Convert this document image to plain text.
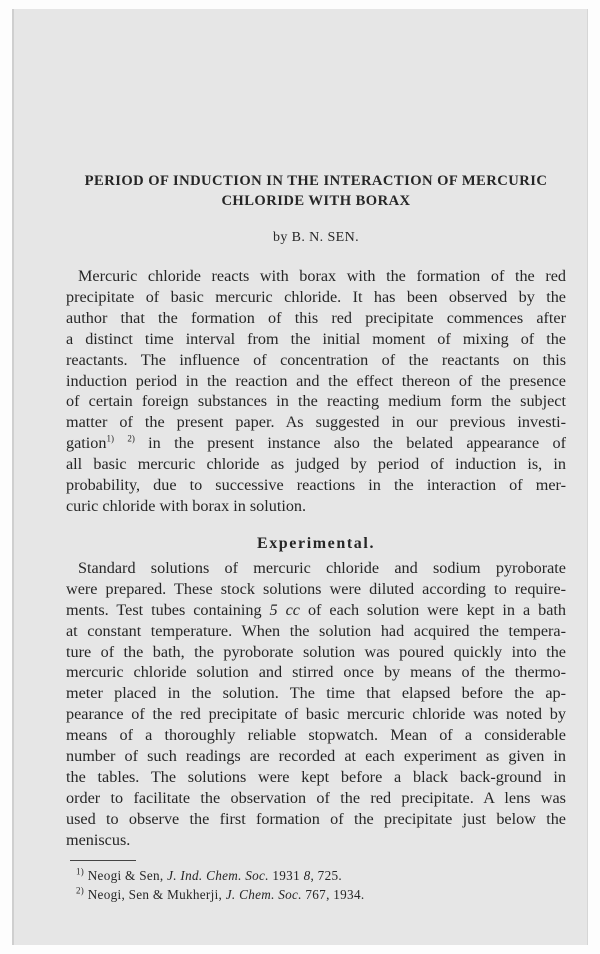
PERIOD OF INDUCTION IN THE INTERACTION OF MERCURIC
CHLORIDE WITH BORAX

by B. N. SEN.

Mercuric chloride reacts with borax with the formation of the red
precipitate of basic mercuric chloride. It has been observed by the
author that the formation of this red precipitate commences after
a distinct time interval from the initial moment of mixing of the
reactants. The influence of concentration of the reactants on this
induction period in the reaction and the effect thereon of the presence
of certain foreign substances in the reacting medium form the subject
matter of the present paper. As suggested in our previous investi-
gation$^{1)}$ $^{2)}$ in the present instance also the belated appearance of
all basic mercuric chloride as judged by period of induction is, in
probability, due to successive reactions in the interaction of mer-
curic chloride with borax in solution.

Experimental.

Standard solutions of mercuric chloride and sodium pyroborate
were prepared. These stock solutions were diluted according to require-
ments. Test tubes containing 5 cc of each solution were kept in a bath
at constant temperature. When the solution had acquired the tempera-
ture of the bath, the pyroborate solution was poured quickly into the
mercuric chloride solution and stirred once by means of the thermo-
meter placed in the solution. The time that elapsed before the ap-
pearance of the red precipitate of basic mercuric chloride was noted by
means of a thoroughly reliable stopwatch. Mean of a considerable
number of such readings are recorded at each experiment as given in
the tables. The solutions were kept before a black back-ground in
order to facilitate the observation of the red precipitate. A lens was
used to observe the first formation of the precipitate just below the
meniscus.

$^{1)}$ Neogi & Sen, J. Ind. Chem. Soc. 1931 8, 725.
$^{2)}$ Neogi, Sen & Mukherji, J. Chem. Soc. 767, 1934.
